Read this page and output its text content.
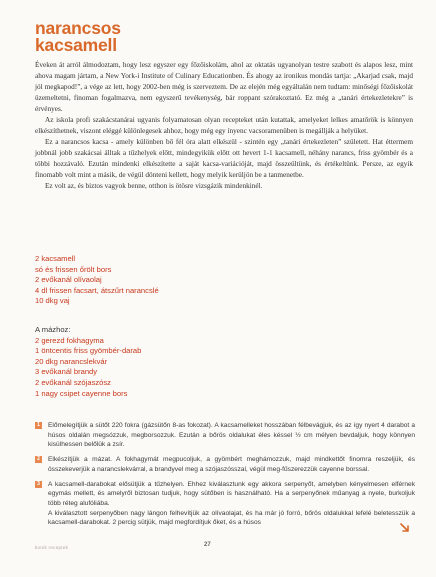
narancsos
kacsamell

Éveken át arról álmodoztam, hogy lesz egyszer egy főzőiskolám, ahol az oktatás ugyanolyan testre szabott és alapos lesz, mint ahova magam jártam, a New York-i Institute of Culinary Educationben. És ahogy az ironikus mondás tartja: „Akarjad csak, majd jól megkapod!”, a vége az lett, hogy 2002-ben még is szerveztem. De az elején még egyáltalán nem tudtam: minőségi főzőiskolát üzemeltetni, finoman fogalmazva, nem egyszerű tevékenység, bár roppant szórakoztató. Ez még a „tanári értekezletekre” is érvényes.

Az iskola profi szakácstanárai ugyanis folyamatosan olyan recepteket után kutattak, amelyeket lelkes amatőrök is könnyen elkészíthetnek, viszont eléggé különlegesek ahhoz, hogy még egy ínyenc vacsoramenüben is megállják a helyüket.

Ez a narancsos kacsa - amely különben bő fél óra alatt elkészül - szintén egy „tanári értekezleten” született. Hat éttermem jobbnál jobb szakácsai álltak a tűzhelyek előtt, mindegyikük előtt ott hevert 1-1 kacsamell, néhány narancs, friss gyömbér és a többi hozzávaló. Ezután mindenki elkészítette a saját kacsa-variációját, majd összeültünk, és értékeltünk. Persze, az egyik finomabb volt mint a másik, de végül dönteni kellett, hogy melyik kerüljön be a tanmenetbe.

Ez volt az, és biztos vagyok benne, otthon is ötösre vizsgázik mindenkinél.

2 kacsamell
só és frissen őrölt bors
2 evőkanál olívaolaj
4 dl frissen facsart, átszűrt narancslé
10 dkg vaj
A mázhoz:
2 gerezd fokhagyma
1 öntcentis friss gyömbér-darab
20 dkg narancslekvár
3 evőkanál brandy
2 evőkanál szójaszósz
1 nagy csipet cayenne bors
1	Előmelegítjük a sütőt 220 fokra (gázsütőn 8-as fokozat). A kacsamelleket hosszában félbevágjuk, és az így nyert 4 darabot a húsos oldalán megsózzuk, megborsozzuk. Ezután a bőrös oldalukat éles késsel ½ cm mélyen bevdaljuk, hogy könnyen kisülhessen belőlük a zsír.

2	Elkészítjük a mázat. A fokhagymát megpucoljuk, a gyömbért meghámozzuk, majd mindkettőt finomra reszeljük, és összekeverjük a narancslekvárral, a brandyvel meg a szójaszósszal, végül meg-fűszerezzük cayenne borssal.

3	A kacsamell-darabokat elősütjük a tűzhelyen. Ehhez kiválasztunk egy akkora serpenyőt, amelyben kényelmesen elférnek egymás mellett, és amelyről biztosan tudjuk, hogy sütőben is használható. Ha a serpenyőnek műanyag a nyele, burkoljuk több réteg alufóliába.

A kiválasztott serpenyőben nagy lángon felhevítjük az olívaolajat, és ha már jó forró, bőrös oldalukkal lefelé beletesszük a kacsamell-darabokat. 2 percig sütjük, majd megfordítjuk őket, és a húsos

konik receptek	27
